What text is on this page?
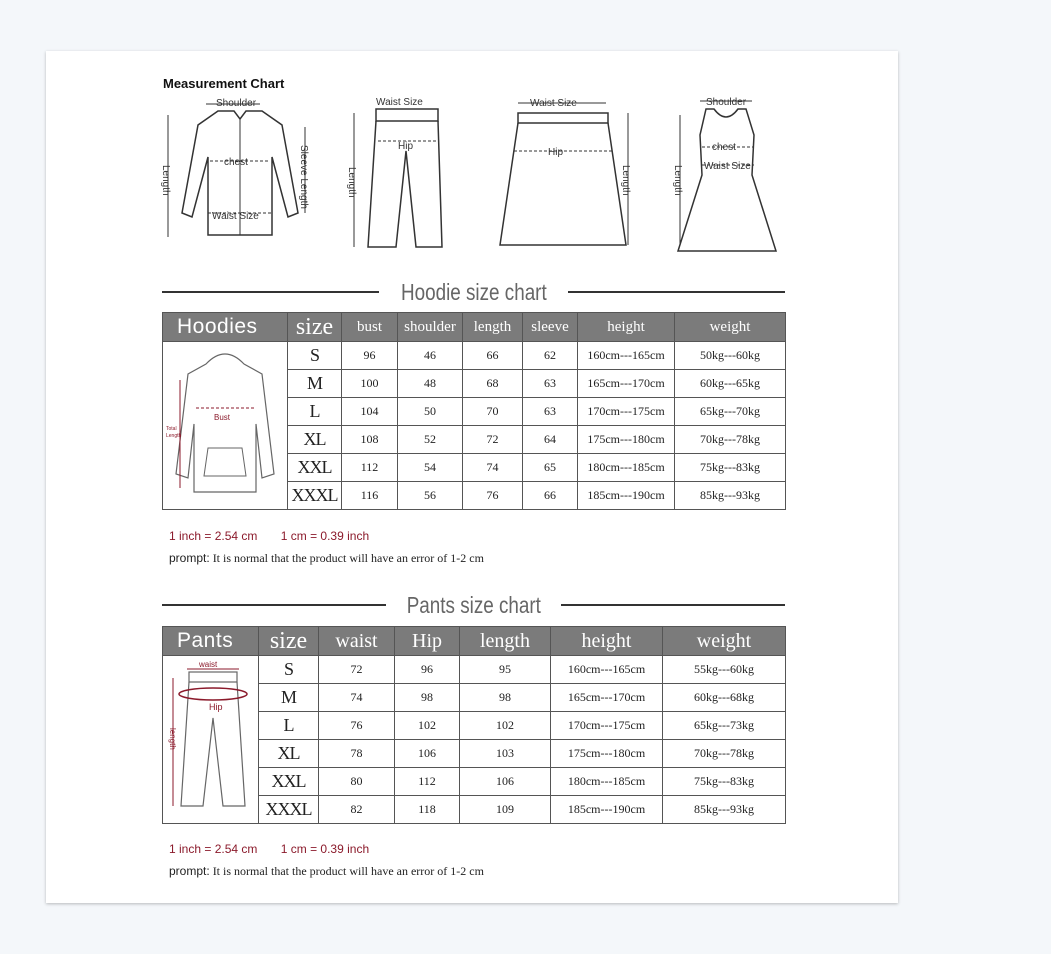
Measurement Chart
Shoulder
chest
Waist Size
Length	Sleeve Length
Waist Size
Hip
Length
Waist Size
Hip
Length
Shoulder
chest
Waist Size
Length
Hoodie size chart
Hoodies	size	bust	shoulder	length	sleeve	height	weight

Bust
Total
Length	S	96	46	66	62	160cm---165cm	50kg---60kg
	M	100	48	68	63	165cm---170cm	60kg---65kg
	L	104	50	70	63	170cm---175cm	65kg---70kg
	XL	108	52	72	64	175cm---180cm	70kg---78kg
	XXL	112	54	74	65	180cm---185cm	75kg---83kg
	XXXL	116	56	76	66	185cm---190cm	85kg---93kg
1 inch = 2.54 cm 1 cm = 0.39 inch
prompt: It is normal that the product will have an error of 1-2 cm
Pants size chart
Pants	size	waist	Hip	length	height	weight

waist
Hip
length	S	72	96	95	160cm---165cm	55kg---60kg
	M	74	98	98	165cm---170cm	60kg---68kg
	L	76	102	102	170cm---175cm	65kg---73kg
	XL	78	106	103	175cm---180cm	70kg---78kg
	XXL	80	112	106	180cm---185cm	75kg---83kg
	XXXL	82	118	109	185cm---190cm	85kg---93kg
1 inch = 2.54 cm 1 cm = 0.39 inch
prompt: It is normal that the product will have an error of 1-2 cm
